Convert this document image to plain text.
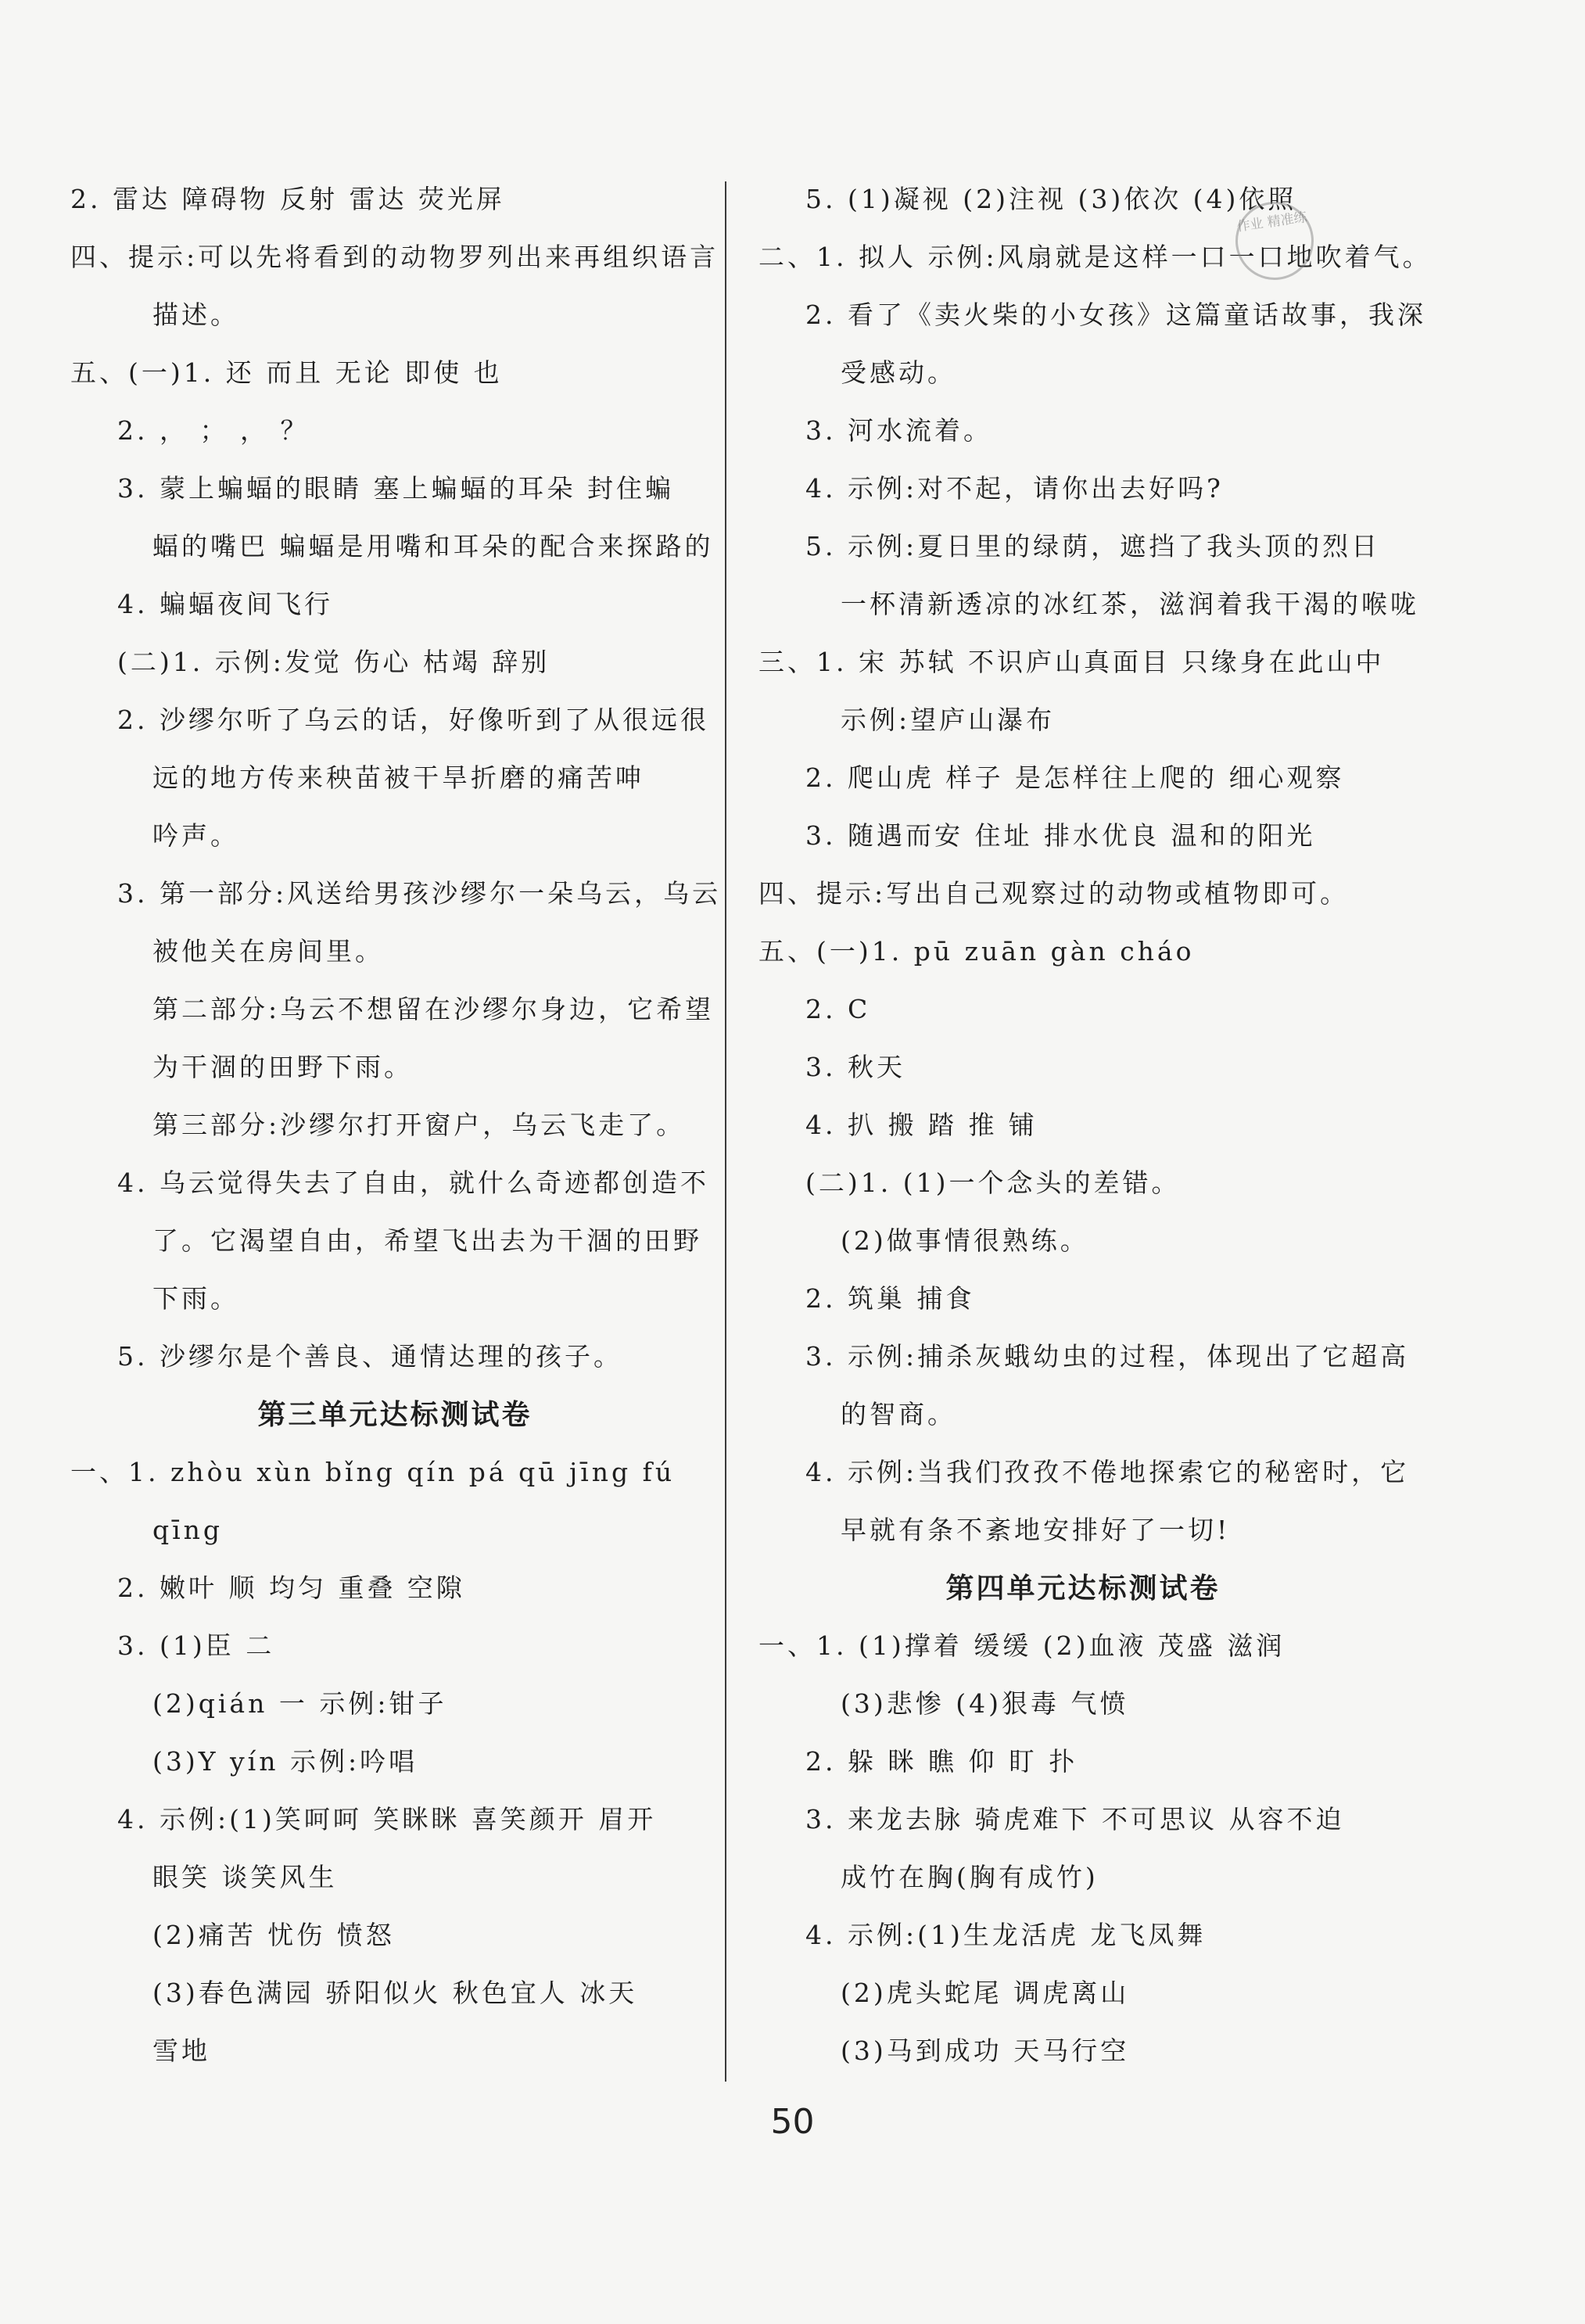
2. 雷达 障碍物 反射 雷达 荧光屏
四、提示:可以先将看到的动物罗列出来再组织语言
描述。
五、(一)1. 还 而且 无论 即使 也
2. ， ； ， ？
3. 蒙上蝙蝠的眼睛 塞上蝙蝠的耳朵 封住蝙
蝠的嘴巴 蝙蝠是用嘴和耳朵的配合来探路的
4. 蝙蝠夜间飞行
(二)1. 示例:发觉 伤心 枯竭 辞别
2. 沙缪尔听了乌云的话，好像听到了从很远很
远的地方传来秧苗被干旱折磨的痛苦呻
吟声。
3. 第一部分:风送给男孩沙缪尔一朵乌云，乌云
被他关在房间里。
第二部分:乌云不想留在沙缪尔身边，它希望
为干涸的田野下雨。
第三部分:沙缪尔打开窗户，乌云飞走了。
4. 乌云觉得失去了自由，就什么奇迹都创造不
了。它渴望自由，希望飞出去为干涸的田野
下雨。
5. 沙缪尔是个善良、通情达理的孩子。
第三单元达标测试卷
一、1. zhòu xùn bǐng qín pá qū jīng fú
qīng
2. 嫩叶 顺 均匀 重叠 空隙
3. (1)臣 二
(2)qián 一 示例:钳子
(3)Y yín 示例:吟唱
4. 示例:(1)笑呵呵 笑眯眯 喜笑颜开 眉开
眼笑 谈笑风生
(2)痛苦 忧伤 愤怒
(3)春色满园 骄阳似火 秋色宜人 冰天
雪地
5. (1)凝视 (2)注视 (3)依次 (4)依照
二、1. 拟人 示例:风扇就是这样一口一口地吹着气。
2. 看了《卖火柴的小女孩》这篇童话故事，我深
受感动。
3. 河水流着。
4. 示例:对不起，请你出去好吗?
5. 示例:夏日里的绿荫，遮挡了我头顶的烈日
一杯清新透凉的冰红茶，滋润着我干渴的喉咙
三、1. 宋 苏轼 不识庐山真面目 只缘身在此山中
示例:望庐山瀑布
2. 爬山虎 样子 是怎样往上爬的 细心观察
3. 随遇而安 住址 排水优良 温和的阳光
四、提示:写出自己观察过的动物或植物即可。
五、(一)1. pū zuān gàn cháo
2. C
3. 秋天
4. 扒 搬 踏 推 铺
(二)1. (1)一个念头的差错。
(2)做事情很熟练。
2. 筑巢 捕食
3. 示例:捕杀灰蛾幼虫的过程，体现出了它超高
的智商。
4. 示例:当我们孜孜不倦地探索它的秘密时，它
早就有条不紊地安排好了一切!
第四单元达标测试卷
一、1. (1)撑着 缓缓 (2)血液 茂盛 滋润
(3)悲惨 (4)狠毒 气愤
2. 躲 眯 瞧 仰 盯 扑
3. 来龙去脉 骑虎难下 不可思议 从容不迫
成竹在胸(胸有成竹)
4. 示例:(1)生龙活虎 龙飞凤舞
(2)虎头蛇尾 调虎离山
(3)马到成功 天马行空
作业 精准练
50
